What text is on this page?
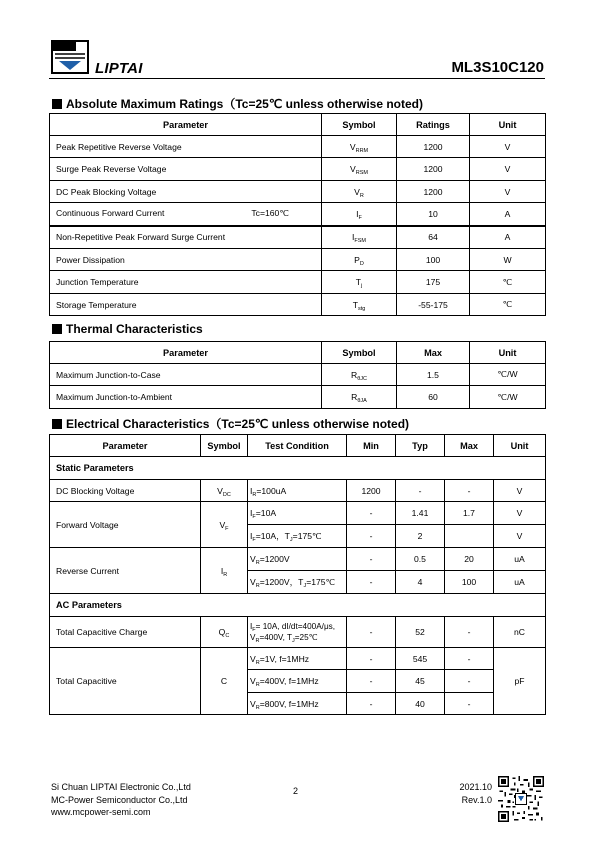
LIPTAI	ML3S10C120
Absolute Maximum Ratings（Tc=25℃ unless otherwise noted)
Parameter	Symbol	Ratings	Unit
Peak Repetitive Reverse Voltage	$V_{RRM}$	1200	V
Surge Peak Reverse Voltage	$V_{RSM}$	1200	V
DC Peak Blocking Voltage	$V_R$	1200	V
Continuous Forward Current Tc=160℃	$I_F$	10	A
Non-Repetitive Peak Forward Surge Current	$I_{FSM}$	64	A
Power Dissipation	$P_D$	100	W
Junction Temperature	$T_j$	175	℃
Storage Temperature	$T_{stg}$	-55-175	℃
Thermal Characteristics
Parameter	Symbol	Max	Unit
Maximum Junction-to-Case	$R_{\theta JC}$	1.5	℃/W
Maximum Junction-to-Ambient	$R_{\theta JA}$	60	℃/W
Electrical Characteristics（Tc=25℃ unless otherwise noted)
Parameter	Symbol	Test Condition	Min	Typ	Max	Unit
Static Parameters						
DC Blocking Voltage	$V_{DC}$	$I_R=100uA$	1200	-	-	V
Forward Voltage	$V_F$	$I_F=10A$	-	1.41	1.7	V
		$I_F=10A$，$T_J=175℃$	-	2		V
Reverse Current	$I_R$	$V_R=1200V$	-	0.5	20	uA
		$V_R=1200V$，$T_J=175℃$	-	4	100	uA
AC Parameters						
Total Capacitive Charge	$Q_C$	$I_F= 10A$, dI/dt=400A/μs,
$V_R=400V$, $T_J=25℃$	-	52	-	nC
Total Capacitive	C	$V_R=1V$, f=1MHz	-	545	-	pF
		$V_R=400V$, f=1MHz	-	45	-	
		$V_R=800V$, f=1MHz	-	40	-	
Si Chuan LIPTAI Electronic Co.,Ltd
MC-Power Semiconductor Co.,Ltd
www.mcpower-semi.com
2	2021.10
Rev.1.0
